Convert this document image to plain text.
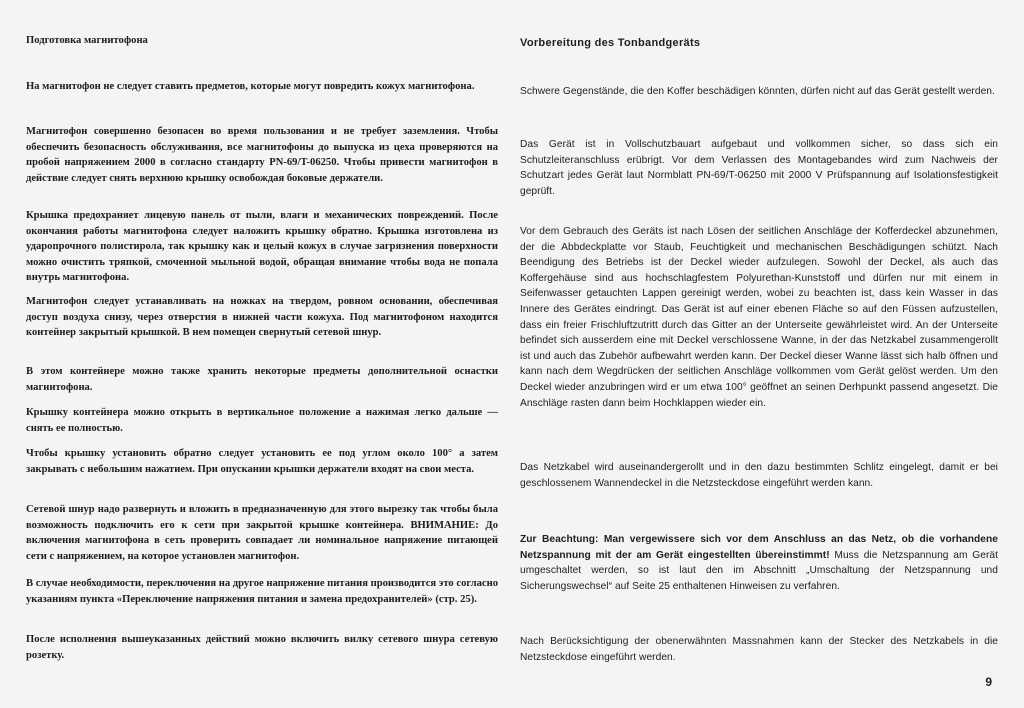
Подготовка магнитофона

На магнитофон не следует ставить предметов, которые могут повредить кожух магнитофона.

Магнитофон совершенно безопасен во время пользования и не требует заземления. Чтобы обеспечить безопасность обслуживания, все магнитофоны до выпуска из цеха проверяются на пробой напряжением 2000 в согласно стандарту PN-69/T-06250. Чтобы привести магнитофон в действие следует снять верхнюю крышку освобождая боковые держатели.

Крышка предохраняет лицевую панель от пыли, влаги и механических повреждений. После окончания работы магнитофона следует наложить крышку обратно. Крышка изготовлена из ударопрочного полистирола, так крышку как и целый кожух в случае загрязнения поверхности можно очистить тряпкой, смоченной мыльной водой, обращая внимание чтобы вода не попала внутрь магнитофона.

Магнитофон следует устанавливать на ножках на твердом, ровном основании, обеспечивая доступ воздуха снизу, через отверстия в нижней части кожуха. Под магнитофоном находится контейнер закрытый крышкой. В нем помещен свернутый сетевой шнур.

В этом контейнере можно также хранить некоторые предметы дополнительной оснастки магнитофона.

Крышку контейнера можно открыть в вертикальное положение а нажимая легко дальше — снять ее полностью.

Чтобы крышку установить обратно следует установить ее под углом около 100° а затем закрывать с небольшим нажатием. При опускании крышки держатели входят на свои места.

Сетевой шнур надо развернуть и вложить в предназначенную для этого вырезку так чтобы была возможность подключить его к сети при закрытой крышке контейнера. ВНИМАНИЕ: До включения магнитофона в сеть проверить совпадает ли номинальное напряжение питающей сети с напряжением, на которое установлен магнитофон.

В случае необходимости, переключения на другое напряжение питания производится это согласно указаниям пункта «Переключение напряжения питания и замена предохранителей» (стр. 25).

После исполнения вышеуказанных действий можно включить вилку сетевого шнура сетевую розетку.

Vorbereitung des Tonbandgeräts

Schwere Gegenstände, die den Koffer beschädigen könnten, dürfen nicht auf das Gerät gestellt werden.

Das Gerät ist in Vollschutzbauart aufgebaut und vollkommen sicher, so dass sich ein Schutzleiteranschluss erübrigt. Vor dem Verlassen des Montagebandes wird zum Nachweis der Schutzart jedes Gerät laut Normblatt PN-69/T-06250 mit 2000 V Prüfspannung auf Isolationsfestigkeit geprüft.

Vor dem Gebrauch des Geräts ist nach Lösen der seitlichen Anschläge der Kofferdeckel abzunehmen, der die Abbdeckplatte vor Staub, Feuchtigkeit und mechanischen Beschädigungen schützt. Nach Beendigung des Betriebs ist der Deckel wieder aufzulegen. Sowohl der Deckel, als auch das Koffergehäuse sind aus hochschlagfestem Polyurethan-Kunststoff und dürfen nur mit einem in Seifenwasser getauchten Lappen gereinigt werden, wobei zu beachten ist, dass kein Wasser in das Innere des Gerätes eindringt. Das Gerät ist auf einer ebenen Fläche so auf den Füssen aufzustellen, dass ein freier Frischluftzutritt durch das Gitter an der Unterseite gewährleistet wird. An der Unterseite befindet sich ausserdem eine mit Deckel verschlossene Wanne, in der das Netzkabel zusammengerollt ist und auch das Zubehör aufbewahrt werden kann. Der Deckel dieser Wanne lässt sich halb öffnen und kann nach dem Wegdrücken der seitlichen Anschläge vollkommen vom Gerät gelöst werden. Um den Deckel wieder anzubringen wird er um etwa 100° geöffnet an seinen Derhpunkt passend angesetzt. Die Anschläge rasten dann beim Hochklappen wieder ein.

Das Netzkabel wird auseinandergerollt und in den dazu bestimmten Schlitz eingelegt, damit er bei geschlossenem Wannendeckel in die Netzsteckdose eingeführt werden kann.

Zur Beachtung: Man vergewissere sich vor dem Anschluss an das Netz, ob die vorhandene Netzspannung mit der am Gerät eingestellten übereinstimmt! Muss die Netzspannung am Gerät umgeschaltet werden, so ist laut den im Abschnitt „Umschaltung der Netzspannung und Sicherungswechsel“ auf Seite 25 enthaltenen Hinweisen zu verfahren.

Nach Berücksichtigung der obenerwähnten Massnahmen kann der Stecker des Netzkabels in die Netzsteckdose eingeführt werden.

9
